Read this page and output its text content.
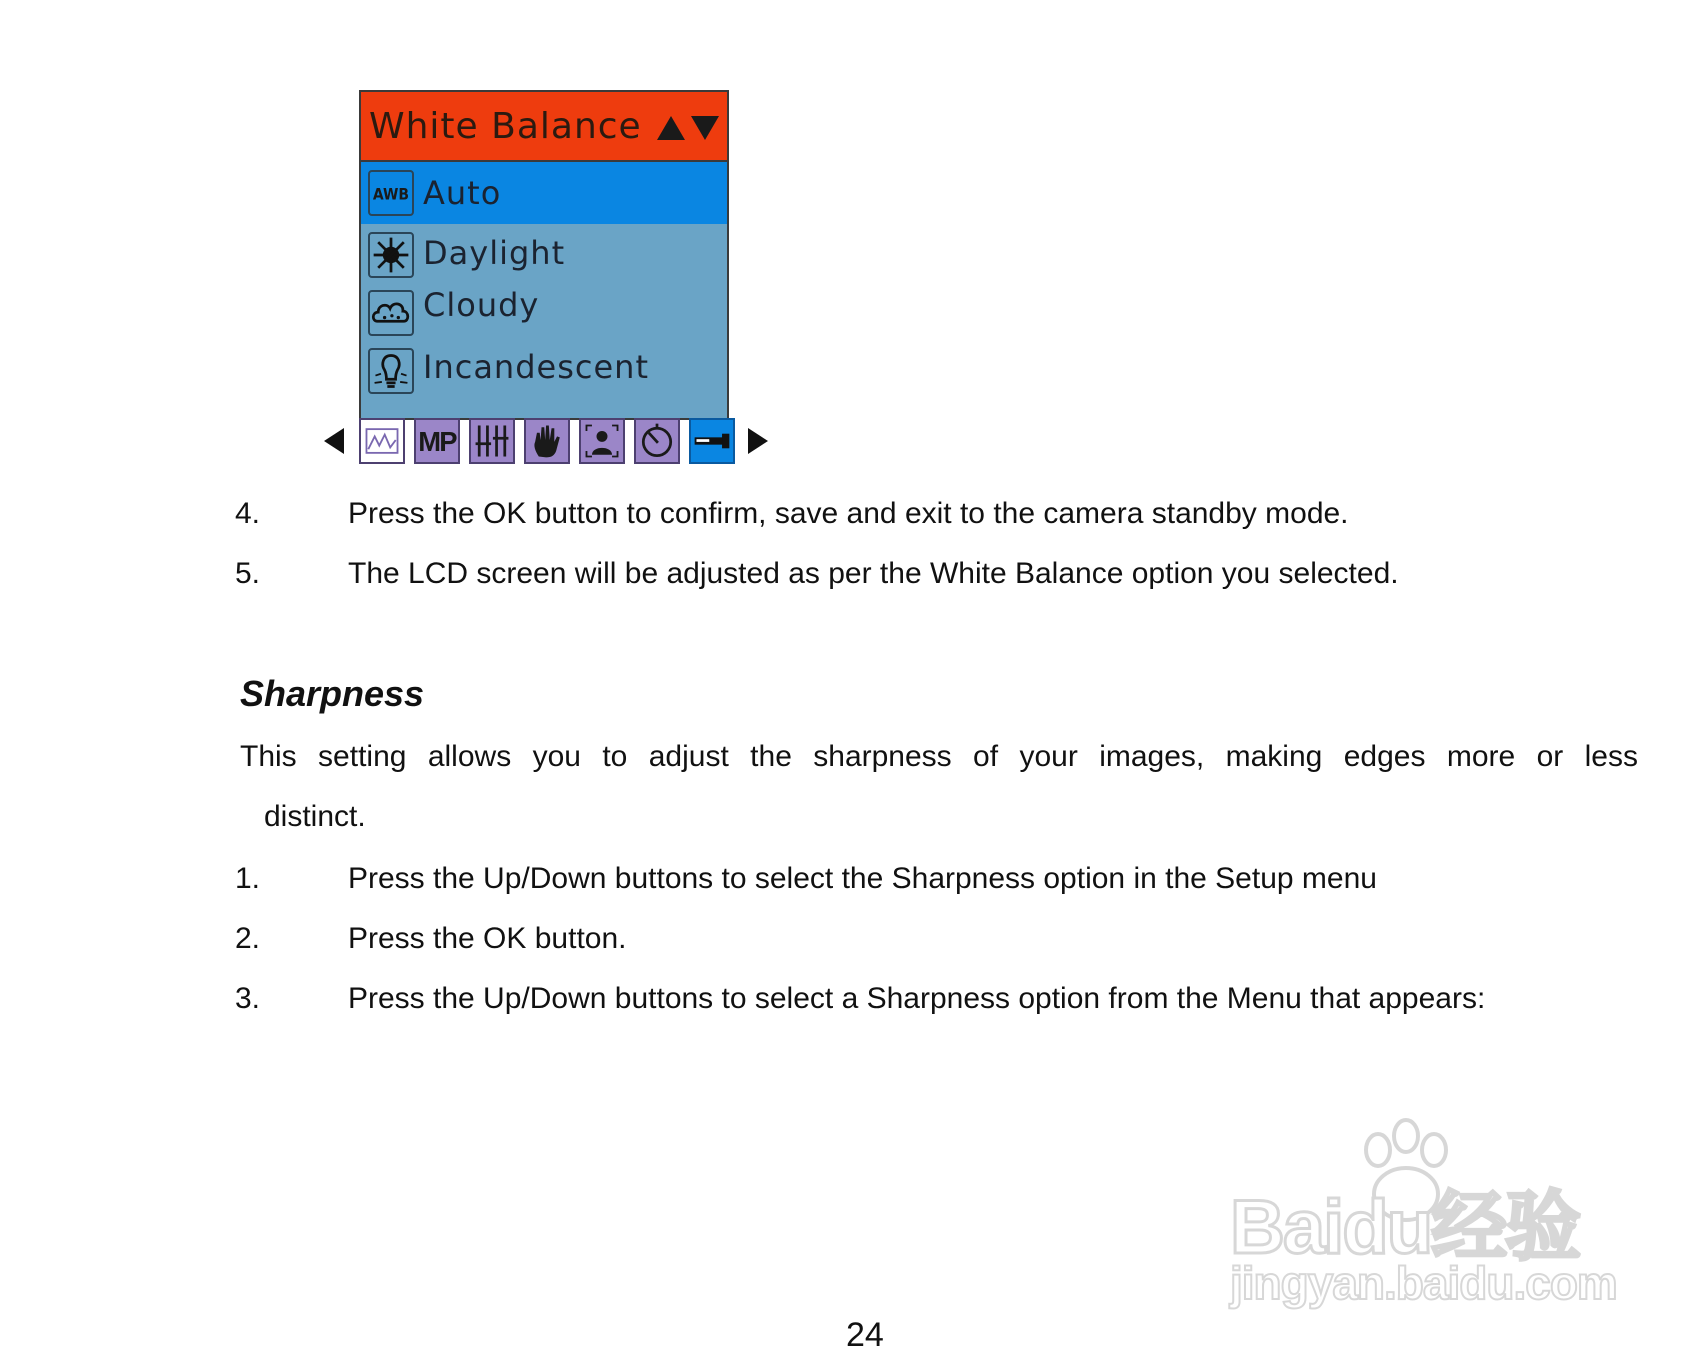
White Balance
AWB Auto
Daylight
Cloudy
Incandescent
MP
4.	Press the OK button to confirm, save and exit to the camera standby mode.
5.	The LCD screen will be adjusted as per the White Balance option you selected.
Sharpness
This setting allows you to adjust the sharpness of your images, making edges more or less
distinct.
1.	Press the Up/Down buttons to select the Sharpness option in the Setup menu
2.	Press the OK button.
3.	Press the Up/Down buttons to select a Sharpness option from the Menu that appears:
Baidu经验
jingyan.baidu.com
24
